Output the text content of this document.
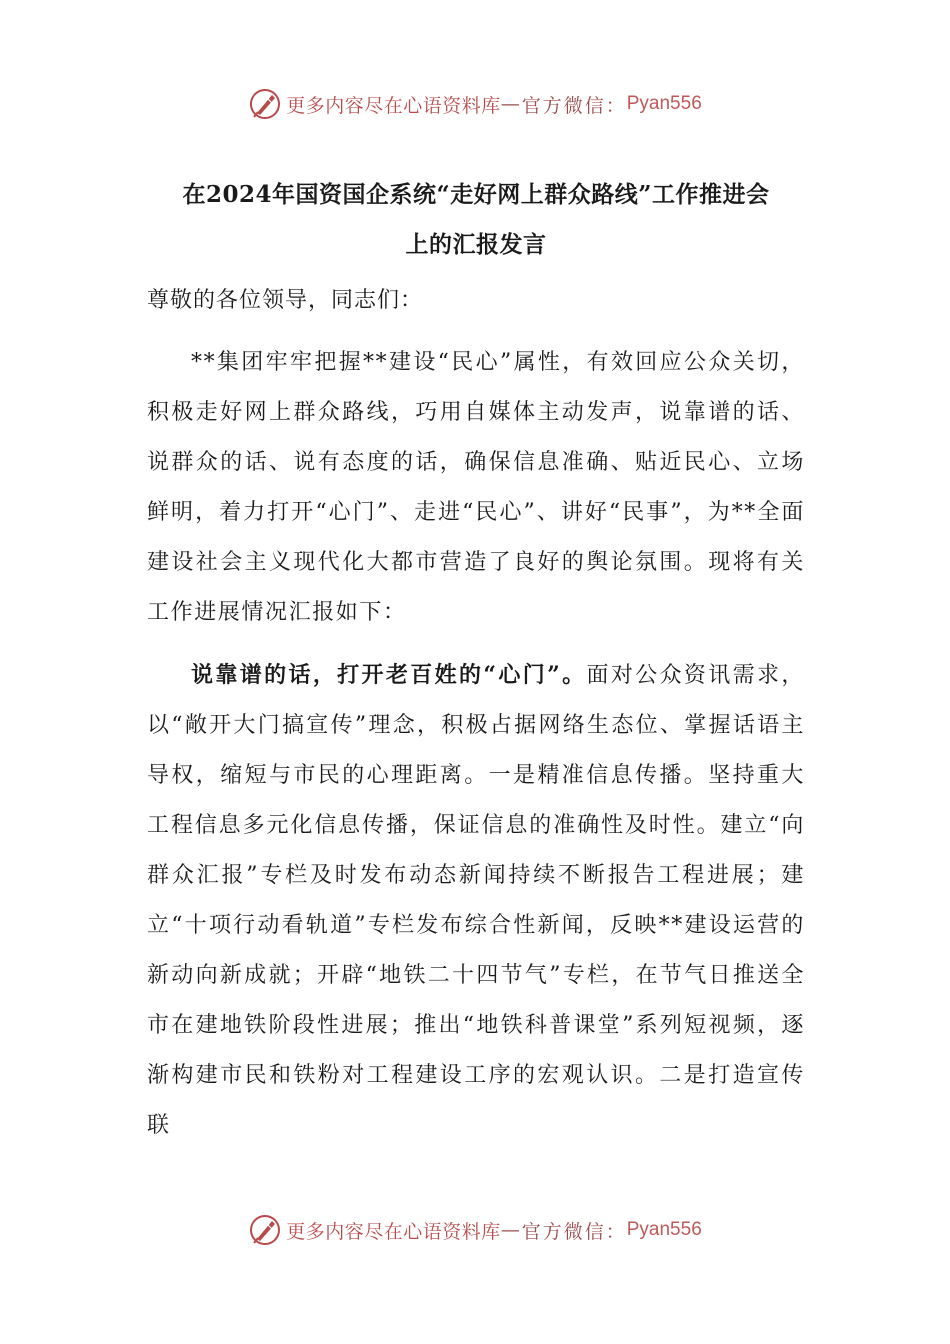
更多内容尽在心语资料库 — 官方微信： Pyan556

在2024年国资国企系统“走好网上群众路线”工作推进会
上的汇报发言

尊敬的各位领导，同志们：

**集团牢牢把握**建设“民心”属性，有效回应公众关切，积极走好网上群众路线，巧用自媒体主动发声，说靠谱的话、说群众的话、说有态度的话，确保信息准确、贴近民心、立场鲜明，着力打开“心门”、走进“民心”、讲好“民事”，为**全面建设社会主义现代化大都市营造了良好的舆论氛围。现将有关工作进展情况汇报如下：

说靠谱的话，打开老百姓的“心门”。面对公众资讯需求，以“敞开大门搞宣传”理念，积极占据网络生态位、掌握话语主导权，缩短与市民的心理距离。一是精准信息传播。坚持重大工程信息多元化信息传播，保证信息的准确性及时性。建立“向群众汇报”专栏及时发布动态新闻持续不断报告工程进展；建立“十项行动看轨道”专栏发布综合性新闻，反映**建设运营的新动向新成就；开辟“地铁二十四节气”专栏，在节气日推送全市在建地铁阶段性进展；推出“地铁科普课堂”系列短视频，逐渐构建市民和铁粉对工程建设工序的宏观认识。二是打造宣传联

更多内容尽在心语资料库 — 官方微信： Pyan556
